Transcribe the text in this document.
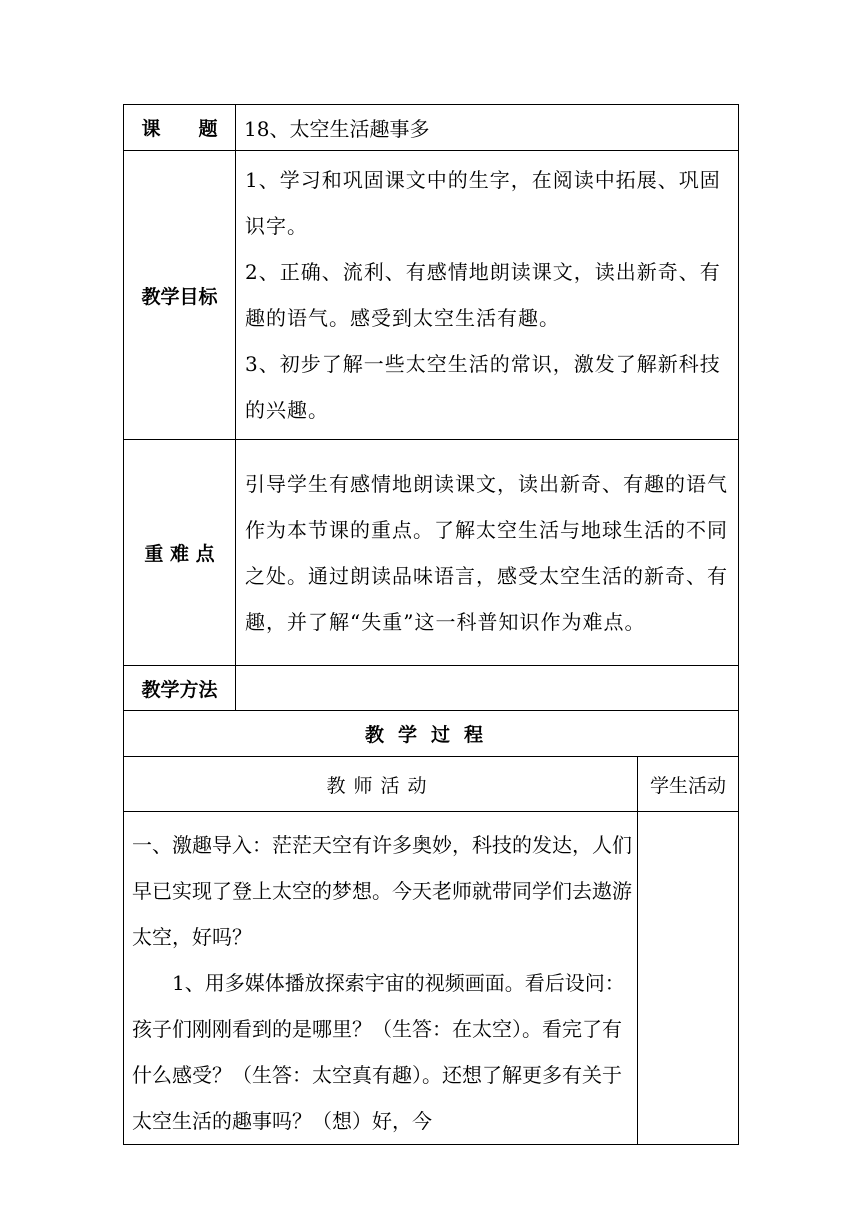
课　　题	18、太空生活趣事多	
教学目标	1、学习和巩固课文中的生字，在阅读中拓展、巩固识字。

2、正确、流利、有感情地朗读课文，读出新奇、有趣的语气。感受到太空生活有趣。

3、初步了解一些太空生活的常识，激发了解新科技的兴趣。	

重 难 点	引导学生有感情地朗读课文，读出新奇、有趣的语气作为本节课的重点。了解太空生活与地球生活的不同之处。通过朗读品味语言，感受太空生活的新奇、有趣，并了解“失重”这一科普知识作为难点。	
教学方法		
教学过程		
教师活动		学生活动

一、激趣导入：茫茫天空有许多奥妙，科技的发达，人们早已实现了登上太空的梦想。今天老师就带同学们去遨游太空，好吗？

1、用多媒体播放探索宇宙的视频画面。看后设问：孩子们刚刚看到的是哪里？（生答：在太空）。看完了有什么感受？（生答：太空真有趣）。还想了解更多有关于太空生活的趣事吗？（想）好，今		
